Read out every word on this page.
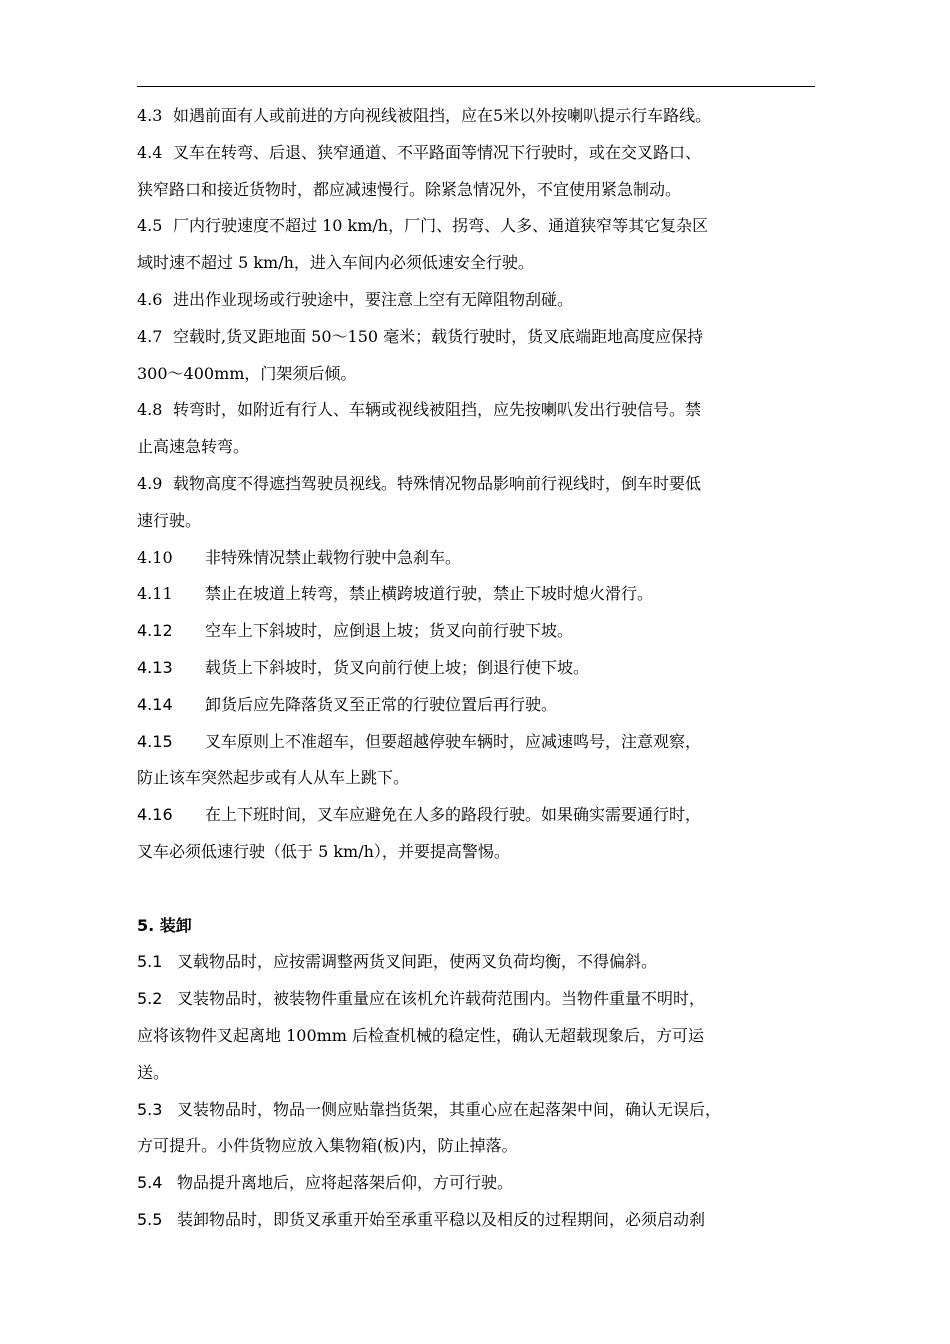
4.3 如遇前面有人或前进的方向视线被阻挡，应在5米以外按喇叭提示行车路线。
4.4 叉车在转弯、后退、狭窄通道、不平路面等情况下行驶时，或在交叉路口、
狭窄路口和接近货物时，都应减速慢行。除紧急情况外，不宜使用紧急制动。
4.5 厂内行驶速度不超过 10 km/h，厂门、拐弯、人多、通道狭窄等其它复杂区
域时速不超过 5 km/h，进入车间内必须低速安全行驶。
4.6 进出作业现场或行驶途中，要注意上空有无障阻物刮碰。
4.7 空载时,货叉距地面 50～150 毫米；载货行驶时，货叉底端距地高度应保持
300～400mm，门架须后倾。
4.8 转弯时，如附近有行人、车辆或视线被阻挡，应先按喇叭发出行驶信号。禁
止高速急转弯。
4.9 载物高度不得遮挡驾驶员视线。特殊情况物品影响前行视线时，倒车时要低
速行驶。
4.10 非特殊情况禁止载物行驶中急刹车。
4.11 禁止在坡道上转弯，禁止横跨坡道行驶，禁止下坡时熄火滑行。
4.12 空车上下斜坡时，应倒退上坡；货叉向前行驶下坡。
4.13 载货上下斜坡时，货叉向前行使上坡；倒退行使下坡。
4.14 卸货后应先降落货叉至正常的行驶位置后再行驶。
4.15 叉车原则上不准超车，但要超越停驶车辆时，应减速鸣号，注意观察，
防止该车突然起步或有人从车上跳下。
4.16 在上下班时间，叉车应避免在人多的路段行驶。如果确实需要通行时，
叉车必须低速行驶（低于 5 km/h），并要提高警惕。
5. 装卸
5.1 叉载物品时，应按需调整两货叉间距，使两叉负荷均衡，不得偏斜。
5.2 叉装物品时，被装物件重量应在该机允许载荷范围内。当物件重量不明时，
应将该物件叉起离地 100mm 后检查机械的稳定性，确认无超载现象后，方可运
送。
5.3 叉装物品时，物品一侧应贴靠挡货架，其重心应在起落架中间，确认无误后，
方可提升。小件货物应放入集物箱(板)内，防止掉落。
5.4 物品提升离地后，应将起落架后仰，方可行驶。
5.5 装卸物品时，即货叉承重开始至承重平稳以及相反的过程期间，必须启动刹
